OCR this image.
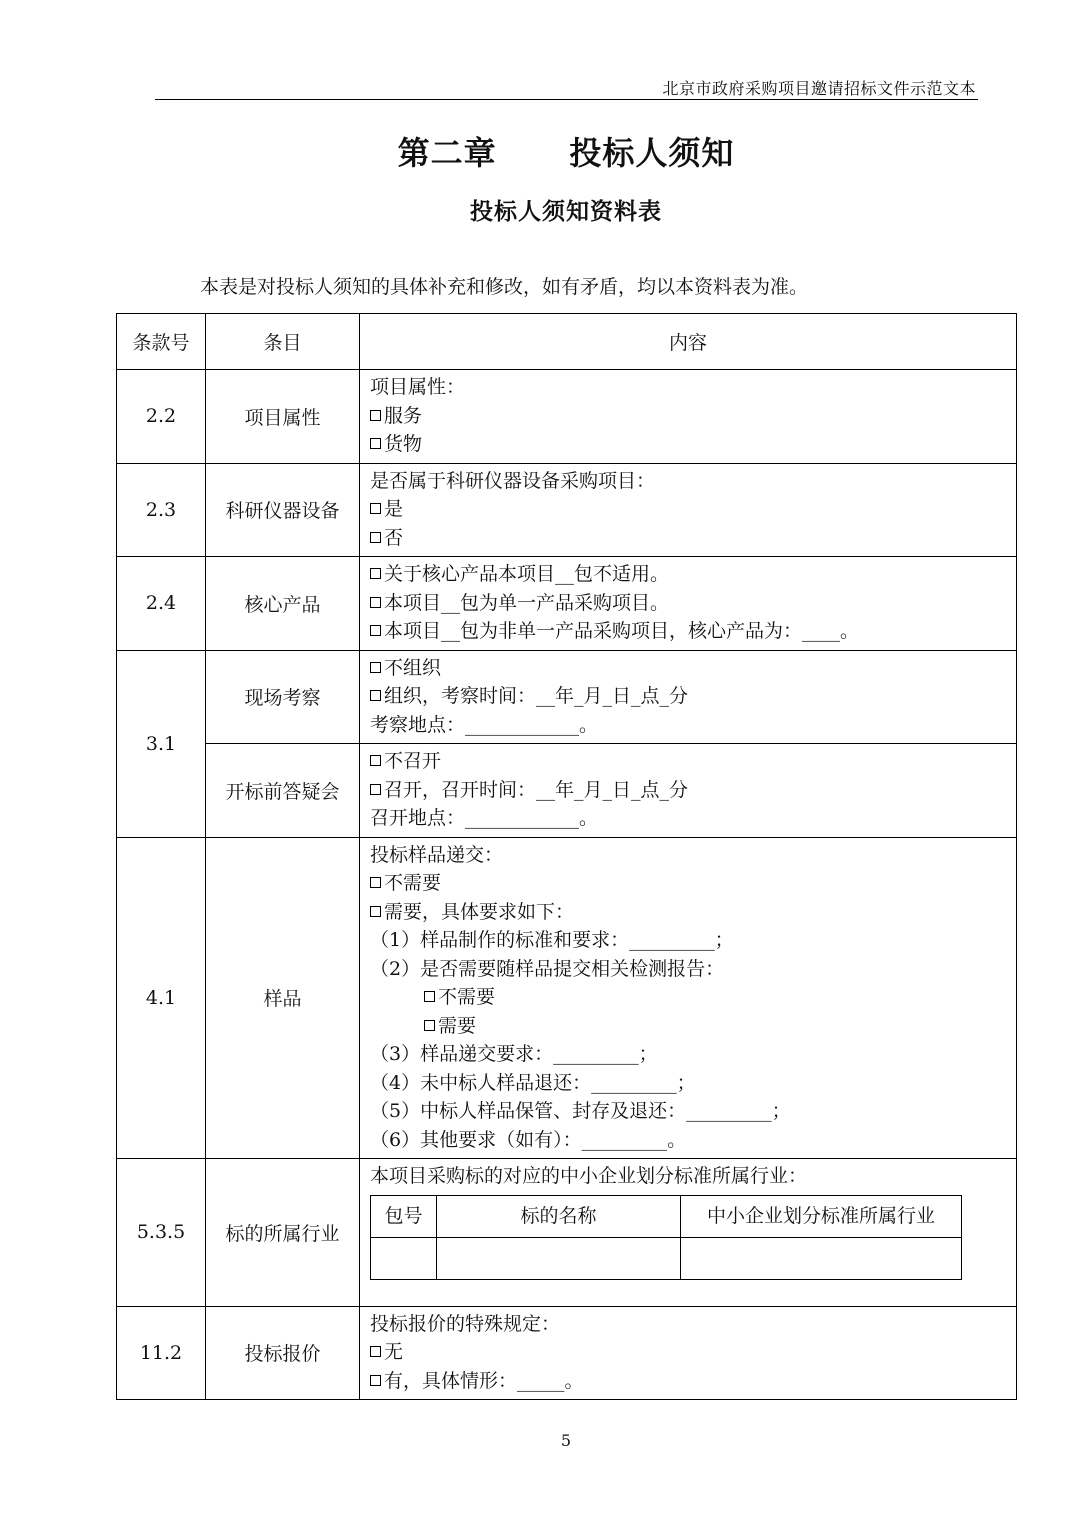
北京市政府采购项目邀请招标文件示范文本
第二章      投标人须知
投标人须知资料表
本表是对投标人须知的具体补充和修改，如有矛盾，均以本资料表为准。
条款号	条目	内容
2.2	项目属性	
项目属性：
服务
货物

2.3	科研仪器设备	
是否属于科研仪器设备采购项目：
是
否

2.4	核心产品	
关于核心产品本项目__包不适用。
本项目__包为单一产品采购项目。
本项目__包为非单一产品采购项目，核心产品为：____。

3.1	现场考察	
不组织
组织，考察时间：__年_月_日_点_分
考察地点：____________。

开标前答疑会	
不召开
召开，召开时间：__年_月_日_点_分
召开地点：____________。

4.1	样品	
投标样品递交：
不需要
需要，具体要求如下：
（1）样品制作的标准和要求：_________；
（2）是否需要随样品提交相关检测报告：
不需要
需要
（3）样品递交要求：_________；
（4）未中标人样品退还：_________；
（5）中标人样品保管、封存及退还：_________；
（6）其他要求（如有）：_________。

5.3.5	标的所属行业	
本项目采购标的对应的中小企业划分标准所属行业：
包号	标的名称	中小企业划分标准所属行业

11.2	投标报价	
投标报价的特殊规定：
无
有，具体情形：_____。
5
